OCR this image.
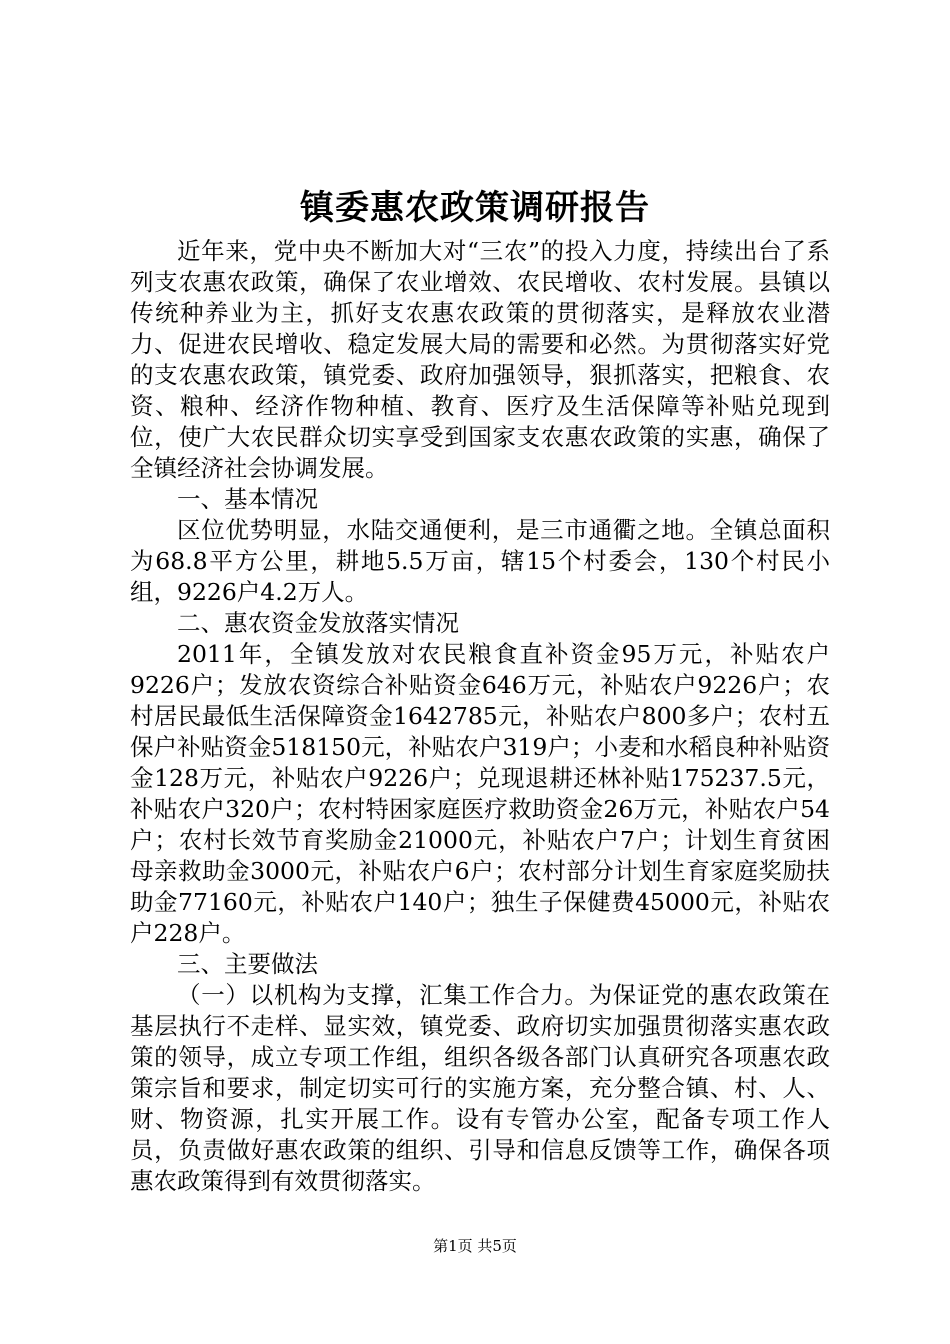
镇委惠农政策调研报告

近年来，党中央不断加大对“三农”的投入力度，持续出台了系列支农惠农政策，确保了农业增效、农民增收、农村发展。县镇以传统种养业为主，抓好支农惠农政策的贯彻落实，是释放农业潜力、促进农民增收、稳定发展大局的需要和必然。为贯彻落实好党的支农惠农政策，镇党委、政府加强领导，狠抓落实，把粮食、农资、粮种、经济作物种植、教育、医疗及生活保障等补贴兑现到位，使广大农民群众切实享受到国家支农惠农政策的实惠，确保了全镇经济社会协调发展。

一、基本情况

区位优势明显，水陆交通便利，是三市通衢之地。全镇总面积为68.8平方公里，耕地5.5万亩，辖15个村委会，130个村民小组，9226户4.2万人。

二、惠农资金发放落实情况

2011年，全镇发放对农民粮食直补资金95万元，补贴农户9226户；发放农资综合补贴资金646万元，补贴农户9226户；农村居民最低生活保障资金1642785元，补贴农户800多户；农村五保户补贴资金518150元，补贴农户319户；小麦和水稻良种补贴资金128万元，补贴农户9226户；兑现退耕还林补贴175237.5元，补贴农户320户；农村特困家庭医疗救助资金26万元，补贴农户54户；农村长效节育奖励金21000元，补贴农户7户；计划生育贫困母亲救助金3000元，补贴农户6户；农村部分计划生育家庭奖励扶助金77160元，补贴农户140户；独生子保健费45000元，补贴农户228户。

三、主要做法

（一）以机构为支撑，汇集工作合力。为保证党的惠农政策在基层执行不走样、显实效，镇党委、政府切实加强贯彻落实惠农政策的领导，成立专项工作组，组织各级各部门认真研究各项惠农政策宗旨和要求，制定切实可行的实施方案，充分整合镇、村、人、财、物资源，扎实开展工作。设有专管办公室，配备专项工作人员，负责做好惠农政策的组织、引导和信息反馈等工作，确保各项惠农政策得到有效贯彻落实。

第1页 共5页
